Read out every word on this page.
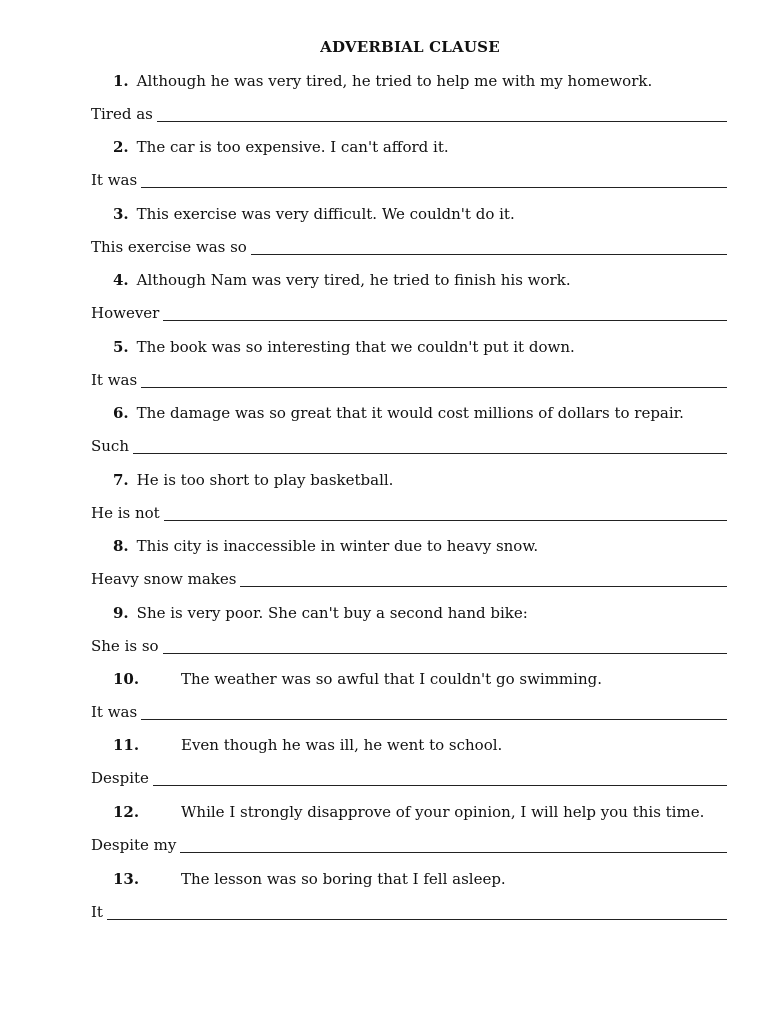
ADVERBIAL CLAUSE
1. Although he was very tired, he tried to help me with my homework.
Tired as
2. The car is too expensive. I can't afford it.
It was
3. This exercise was very difficult. We couldn't do it.
This exercise was so
4. Although Nam was very tired, he tried to finish his work.
However
5. The book was so interesting that we couldn't put it down.
It was
6. The damage was so great that it would cost millions of dollars to repair.
Such
7. He is too short to play basketball.
He is not
8. This city is inaccessible in winter due to heavy snow.
Heavy snow makes
9. She is very poor. She can't buy a second hand bike:
She is so
10.	The weather was so awful that I couldn't go swimming.
It was
11.	Even though he was ill, he went to school.
Despite
12.	While I strongly disapprove of your opinion, I will help you this time.
Despite my
13.	The lesson was so boring that I fell asleep.
It
